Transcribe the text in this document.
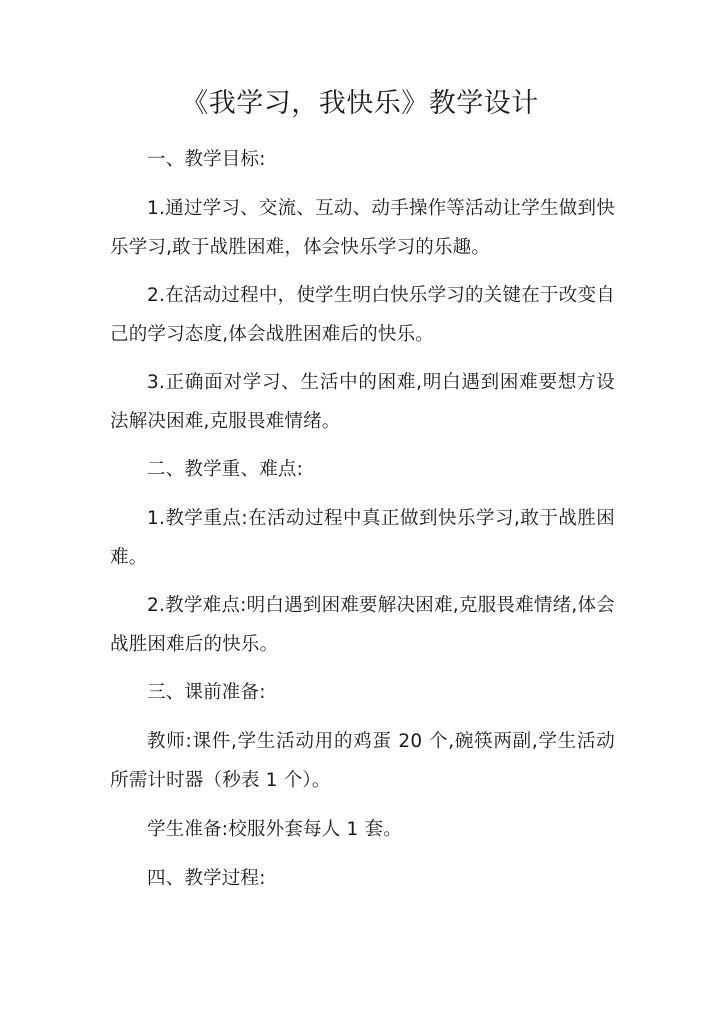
《我学习，我快乐》教学设计

一、教学目标:

1.通过学习、交流、互动、动手操作等活动让学生做到快乐学习,敢于战胜困难，体会快乐学习的乐趣。

2.在活动过程中，使学生明白快乐学习的关键在于改变自己的学习态度,体会战胜困难后的快乐。

3.正确面对学习、生活中的困难,明白遇到困难要想方设法解决困难,克服畏难情绪。

二、教学重、难点:

1.教学重点:在活动过程中真正做到快乐学习,敢于战胜困难。

2.教学难点:明白遇到困难要解决困难,克服畏难情绪,体会战胜困难后的快乐。

三、课前准备:

教师:课件,学生活动用的鸡蛋 20 个,碗筷两副,学生活动所需计时器（秒表 1 个）。

学生准备:校服外套每人 1 套。

四、教学过程:
